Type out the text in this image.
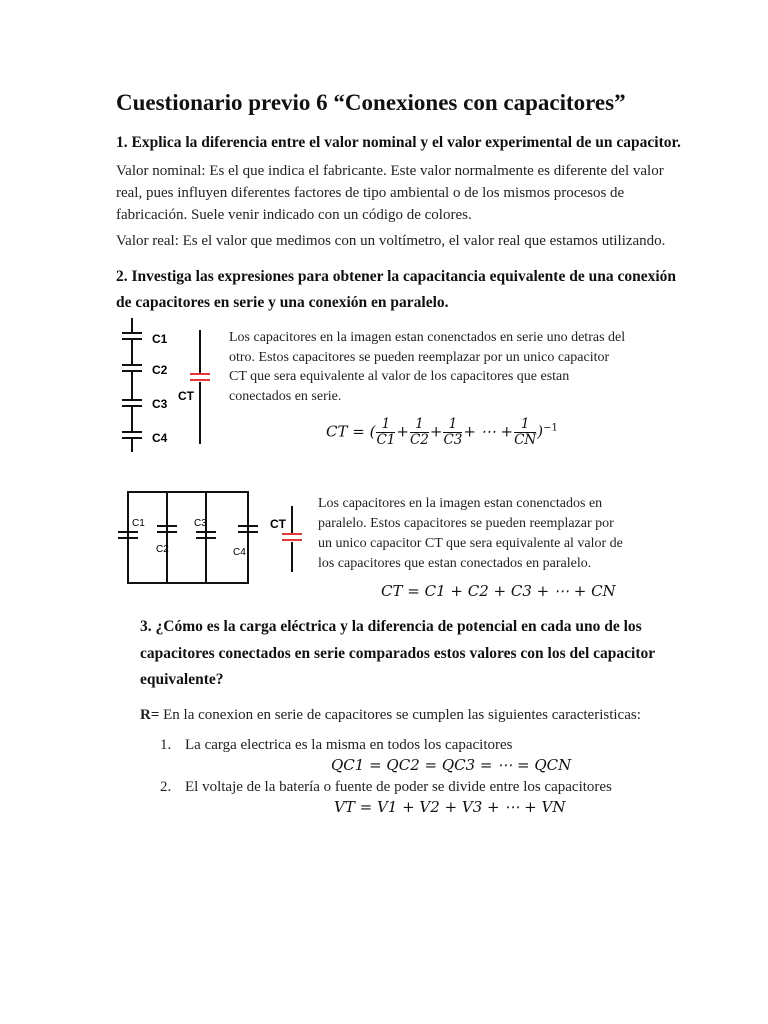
Cuestionario previo 6 “Conexiones con capacitores”
1. Explica la diferencia entre el valor nominal y el valor experimental de un capacitor.
Valor nominal: Es el que indica el fabricante. Este valor normalmente es diferente del valor
real, pues influyen diferentes factores de tipo ambiental o de los mismos procesos de
fabricación. Suele venir indicado con un código de colores.
Valor real: Es el valor que medimos con un voltímetro, el valor real que estamos utilizando.
2. Investiga las expresiones para obtener la capacitancia equivalente de una conexión
de capacitores en serie y una conexión en paralelo.
C1
C2
C3
C4
CT
Los capacitores en la imagen estan conenctados en serie uno detras del
otro. Estos capacitores se pueden reemplazar por un unico capacitor
CT que sera equivalente al valor de los capacitores que estan
conectados en serie.
CT = ( $\frac{1}{C1} + \frac{1}{C2} + \frac{1}{C3}$ + ⋯ + $\frac{1}{CN} )^{-1}$
C1
C2
C3
C4
CT
Los capacitores en la imagen estan conenctados en
paralelo. Estos capacitores se pueden reemplazar por
un unico capacitor CT que sera equivalente al valor de
los capacitores que estan conectados en paralelo.
CT = C1 + C2 + C3 + ⋯ + CN
3. ¿Cómo es la carga eléctrica y la diferencia de potencial en cada uno de los
capacitores conectados en serie comparados estos valores con los del capacitor
equivalente?
R= En la conexion en serie de capacitores se cumplen las siguientes caracteristicas:
1. La carga electrica es la misma en todos los capacitores
QC1 = QC2 = QC3 = ⋯ = QCN
2. El voltaje de la batería o fuente de poder se divide entre los capacitores
VT = V1 + V2 + V3 + ⋯ + VN
